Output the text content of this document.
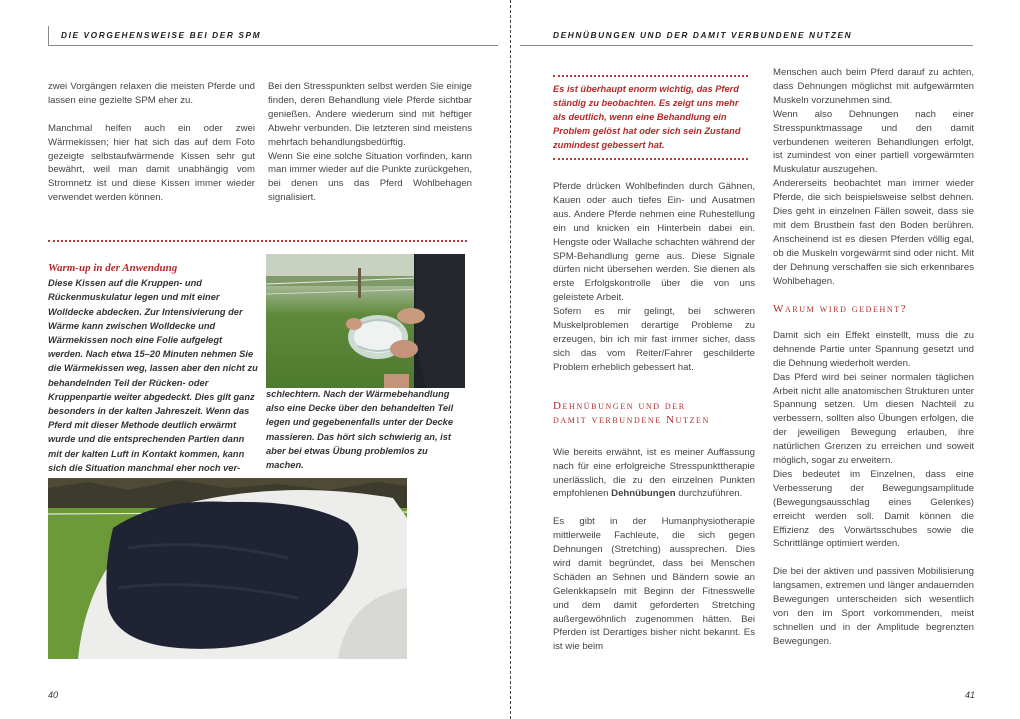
DIE VORGEHENSWEISE BEI DER SPM

zwei Vorgängen relaxen die meisten Pferde und lassen eine gezielte SPM eher zu.

Manchmal helfen auch ein oder zwei Wärmekissen; hier hat sich das auf dem Foto gezeigte selbstaufwärmende Kissen sehr gut bewährt, weil man damit unabhängig vom Stromnetz ist und diese Kissen immer wieder verwendet werden können.

Bei den Stresspunkten selbst werden Sie einige finden, deren Behandlung viele Pferde sichtbar genießen. Andere wiederum sind mit heftiger Abwehr verbunden. Die letzteren sind meistens mehrfach behandlungsbedürftig.

Wenn Sie eine solche Situation vorfinden, kann man immer wieder auf die Punkte zurückgehen, bei denen uns das Pferd Wohlbehagen signalisiert.

Warm-up in der Anwendung
Diese Kissen auf die Kruppen- und Rückenmuskulatur legen und mit einer Wolldecke abdecken. Zur Intensivierung der Wärme kann zwischen Wolldecke und Wärmekissen noch eine Folie aufgelegt werden. Nach etwa 15–20 Minuten nehmen Sie die Wärmekissen weg, lassen aber den nicht zu behandelnden Teil der Rücken- oder Kruppenpartie weiter abgedeckt. Dies gilt ganz besonders in der kalten Jahreszeit. Wenn das Pferd mit dieser Methode deutlich erwärmt wurde und die entsprechenden Partien dann mit der kalten Luft in Kontakt kommen, kann sich die Situation manchmal eher noch ver-
schlechtern. Nach der Wärmebehandlung also eine Decke über den behandelten Teil legen und gegebenenfalls unter der Decke massieren. Das hört sich schwierig an, ist aber bei etwas Übung problemlos zu machen.
40
DEHNÜBUNGEN UND DER DAMIT VERBUNDENE NUTZEN
Es ist überhaupt enorm wichtig, das Pferd ständig zu beobachten. Es zeigt uns mehr als deutlich, wenn eine Behandlung ein Problem gelöst hat oder sich sein Zustand zumindest gebessert hat.

Pferde drücken Wohlbefinden durch Gähnen, Kauen oder auch tiefes Ein- und Ausatmen aus. Andere Pferde nehmen eine Ruhestellung ein und knicken ein Hinterbein dabei ein. Hengste oder Wallache schachten während der SPM-Behandlung gerne aus. Diese Signale dürfen nicht übersehen werden. Sie dienen als erste Erfolgskontrolle über die von uns geleistete Arbeit.

Sofern es mir gelingt, bei schweren Muskelproblemen derartige Probleme zu erzeugen, bin ich mir fast immer sicher, dass sich das vom Reiter/Fahrer geschilderte Problem erheblich gebessert hat.

Dehnübungen und der
damit verbundene Nutzen

Wie bereits erwähnt, ist es meiner Auffassung nach für eine erfolgreiche Stresspunkttherapie unerlässlich, die zu den einzelnen Punkten empfohlenen Dehnübungen durchzuführen.

Es gibt in der Humanphysiotherapie mittlerweile Fachleute, die sich gegen Dehnungen (Stretching) aussprechen. Dies wird damit begründet, dass bei Menschen Schäden an Sehnen und Bändern sowie an Gelenkkapseln mit Beginn der Fitnesswelle und dem damit geforderten Stretching außergewöhnlich zugenommen hätten. Bei Pferden ist Derartiges bisher nicht bekannt. Es ist wie beim

Menschen auch beim Pferd darauf zu achten, dass Dehnungen möglichst mit aufgewärmten Muskeln vorzunehmen sind.

Wenn also Dehnungen nach einer Stresspunktmassage und den damit verbundenen weiteren Behandlungen erfolgt, ist zumindest von einer partiell vorgewärmten Muskulatur auszugehen.

Andererseits beobachtet man immer wieder Pferde, die sich beispielsweise selbst dehnen. Dies geht in einzelnen Fällen soweit, dass sie mit dem Brustbein fast den Boden berühren. Anscheinend ist es diesen Pferden völlig egal, ob die Muskeln vorgewärmt sind oder nicht. Mit der Dehnung verschaffen sie sich erkennbares Wohlbehagen.

Warum wird gedehnt?

Damit sich ein Effekt einstellt, muss die zu dehnende Partie unter Spannung gesetzt und die Dehnung wiederholt werden.

Das Pferd wird bei seiner normalen täglichen Arbeit nicht alle anatomischen Strukturen unter Spannung setzen. Um diesen Nachteil zu verbessern, sollten also Übungen erfolgen, die der jeweiligen Bewegung erlauben, ihre natürlichen Grenzen zu erreichen und soweit möglich, sogar zu erweitern.

Dies bedeutet im Einzelnen, dass eine Verbesserung der Bewegungsamplitude (Bewegungsausschlag eines Gelenkes) erreicht werden soll. Damit können die Effizienz des Vorwärtsschubes sowie die Schrittlänge optimiert werden.

Die bei der aktiven und passiven Mobilisierung langsamen, extremen und länger andauernden Bewegungen unterscheiden sich wesentlich von den im Sport vorkommenden, meist schnellen und in der Amplitude begrenzten Bewegungen.

41
